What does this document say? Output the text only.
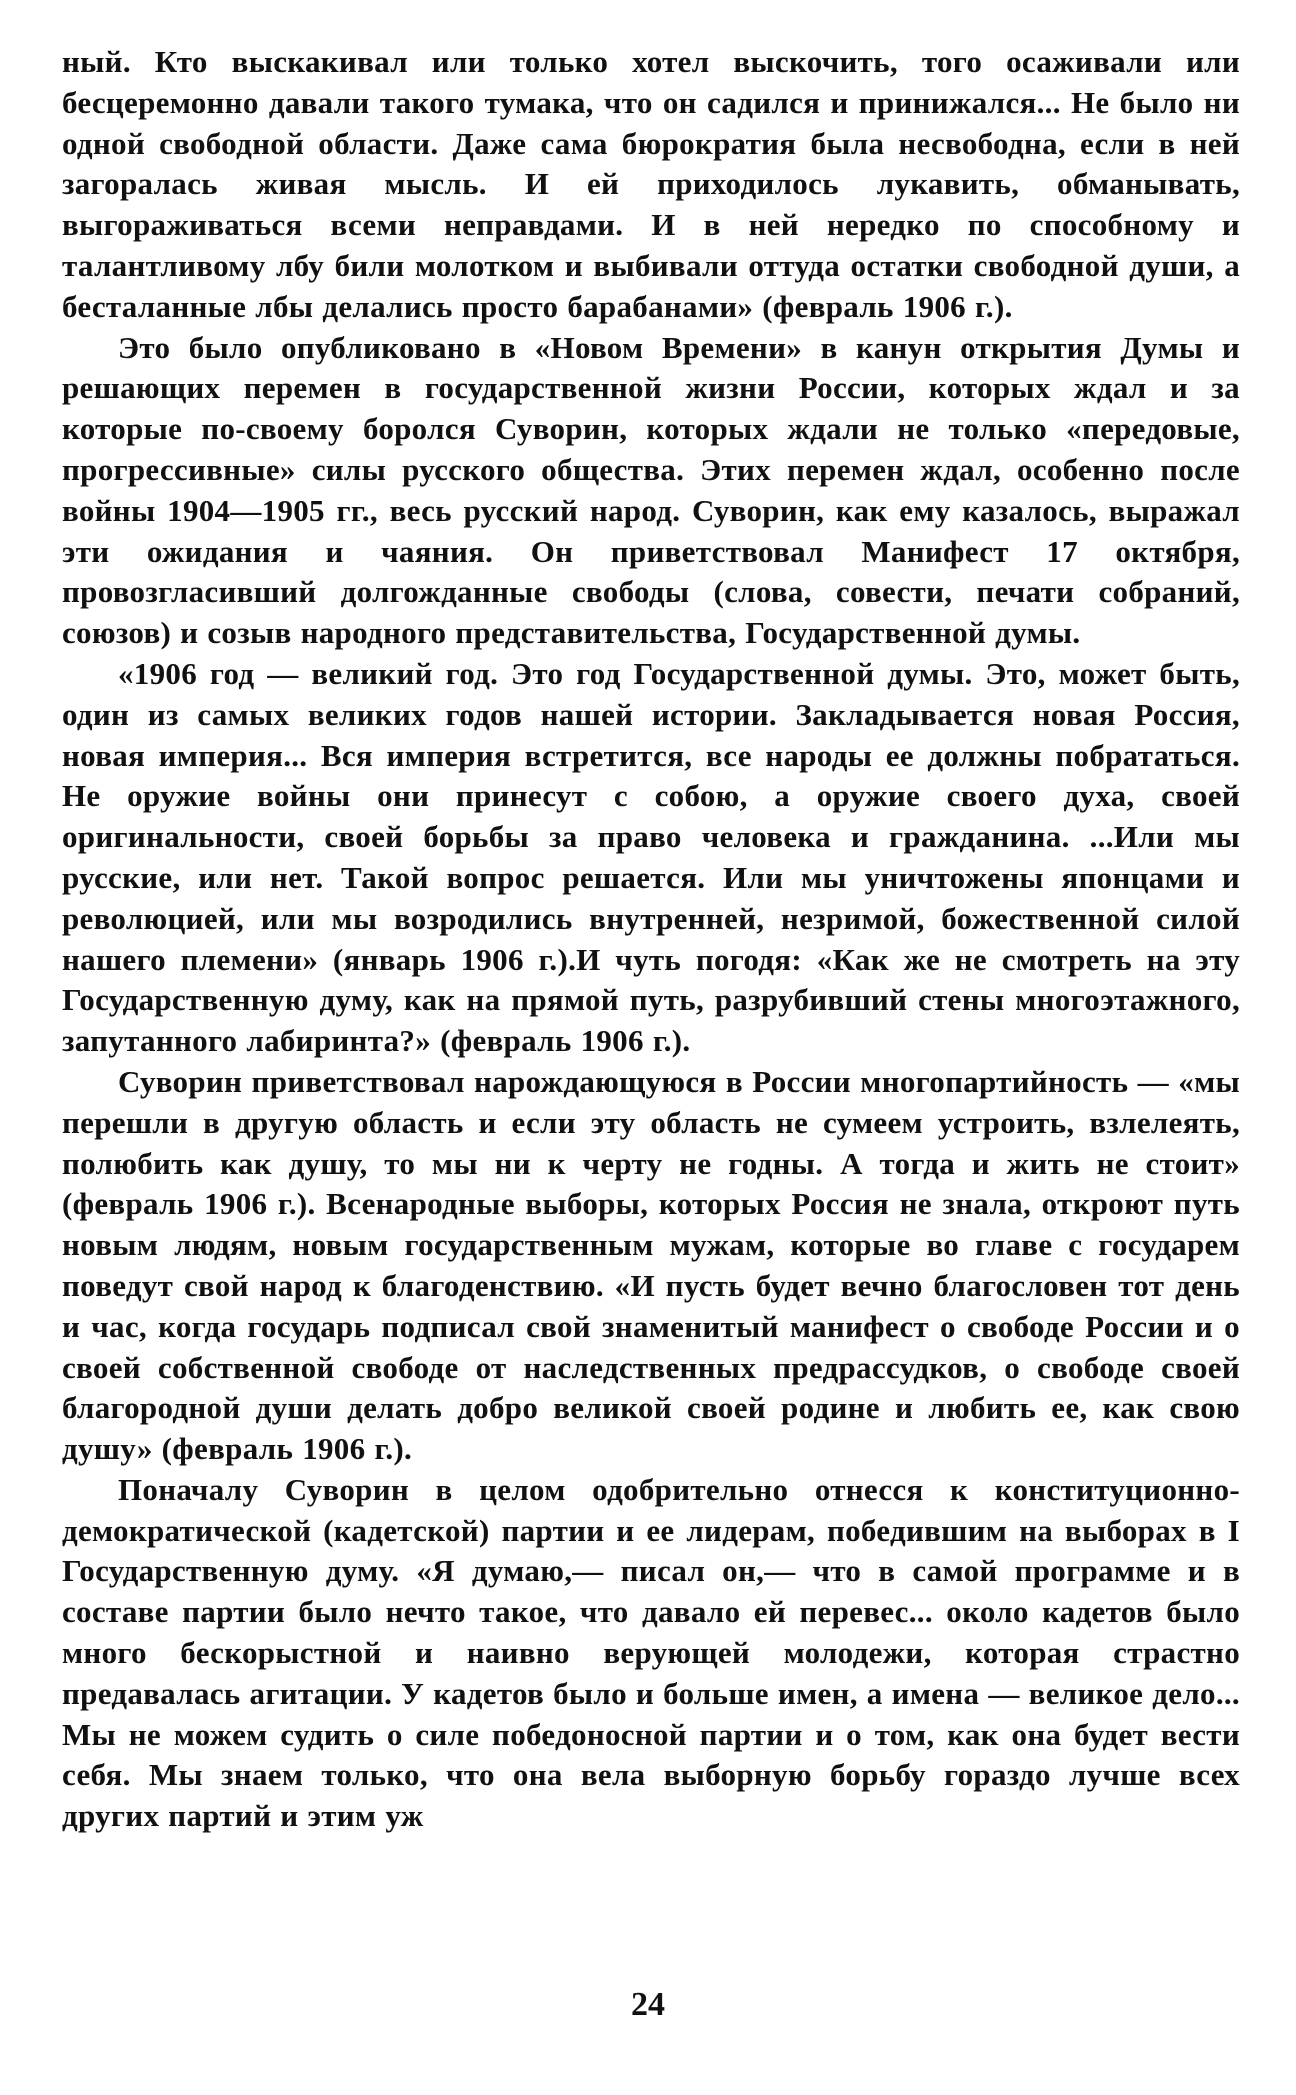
ный. Кто выскакивал или только хотел выскочить, того осаживали или бесцеремонно давали такого тумака, что он садился и принижался... Не было ни одной свободной области. Даже сама бюрократия была несвободна, если в ней загоралась живая мысль. И ей приходилось лукавить, обманывать, выгораживаться всеми неправдами. И в ней нередко по способному и талантливому лбу били молотком и выбивали оттуда остатки свободной души, а бесталанные лбы делались просто барабанами» (февраль 1906 г.).

Это было опубликовано в «Новом Времени» в канун открытия Думы и решающих перемен в государственной жизни России, которых ждал и за которые по-своему боролся Суворин, которых ждали не только «передовые, прогрессивные» силы русского общества. Этих перемен ждал, особенно после войны 1904—1905 гг., весь русский народ. Суворин, как ему казалось, выражал эти ожидания и чаяния. Он приветствовал Манифест 17 октября, провозгласивший долгожданные свободы (слова, совести, печати собраний, союзов) и созыв народного представительства, Государственной думы.

«1906 год — великий год. Это год Государственной думы. Это, может быть, один из самых великих годов нашей истории. Закладывается новая Россия, новая империя... Вся империя встретится, все народы ее должны побрататься. Не оружие войны они принесут с собою, а оружие своего духа, своей оригинальности, своей борьбы за право человека и гражданина. ...Или мы русские, или нет. Такой вопрос решается. Или мы уничтожены японцами и революцией, или мы возродились внутренней, незримой, божественной силой нашего племени» (январь 1906 г.).И чуть погодя: «Как же не смотреть на эту Государственную думу, как на прямой путь, разрубивший стены многоэтажного, запутанного лабиринта?» (февраль 1906 г.).

Суворин приветствовал нарождающуюся в России многопартийность — «мы перешли в другую область и если эту область не сумеем устроить, взлелеять, полюбить как душу, то мы ни к черту не годны. А тогда и жить не стоит» (февраль 1906 г.). Всенародные выборы, которых Россия не знала, откроют путь новым людям, новым государственным мужам, которые во главе с государем поведут свой народ к благоденствию. «И пусть будет вечно благословен тот день и час, когда государь подписал свой знаменитый манифест о свободе России и о своей собственной свободе от наследственных предрассудков, о свободе своей благородной души делать добро великой своей родине и любить ее, как свою душу» (февраль 1906 г.).

Поначалу Суворин в целом одобрительно отнесся к конституционно-демократической (кадетской) партии и ее лидерам, победившим на выборах в I Государственную думу. «Я думаю,— писал он,— что в самой программе и в составе партии было нечто такое, что давало ей перевес... около кадетов было много бескорыстной и наивно верующей молодежи, которая страстно предавалась агитации. У кадетов было и больше имен, а имена — великое дело... Мы не можем судить о силе победоносной партии и о том, как она будет вести себя. Мы знаем только, что она вела выборную борьбу гораздо лучше всех других партий и этим уж

24
